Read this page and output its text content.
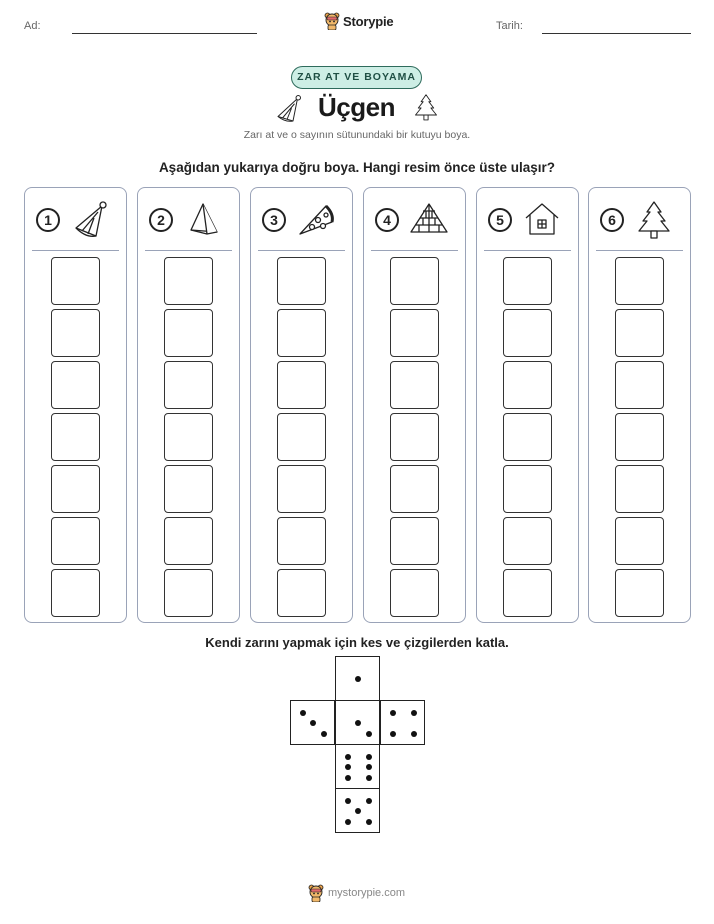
Ad:	Storypie	Tarih:
ZAR AT VE BOYAMA
Üçgen
Zarı at ve o sayının sütunundaki bir kutuyu boya.
Aşağıdan yukarıya doğru boya. Hangi resim önce üste ulaşır?
1	2	3	4	5	6
Kendi zarını yapmak için kes ve çizgilerden katla.
mystorypie.com
